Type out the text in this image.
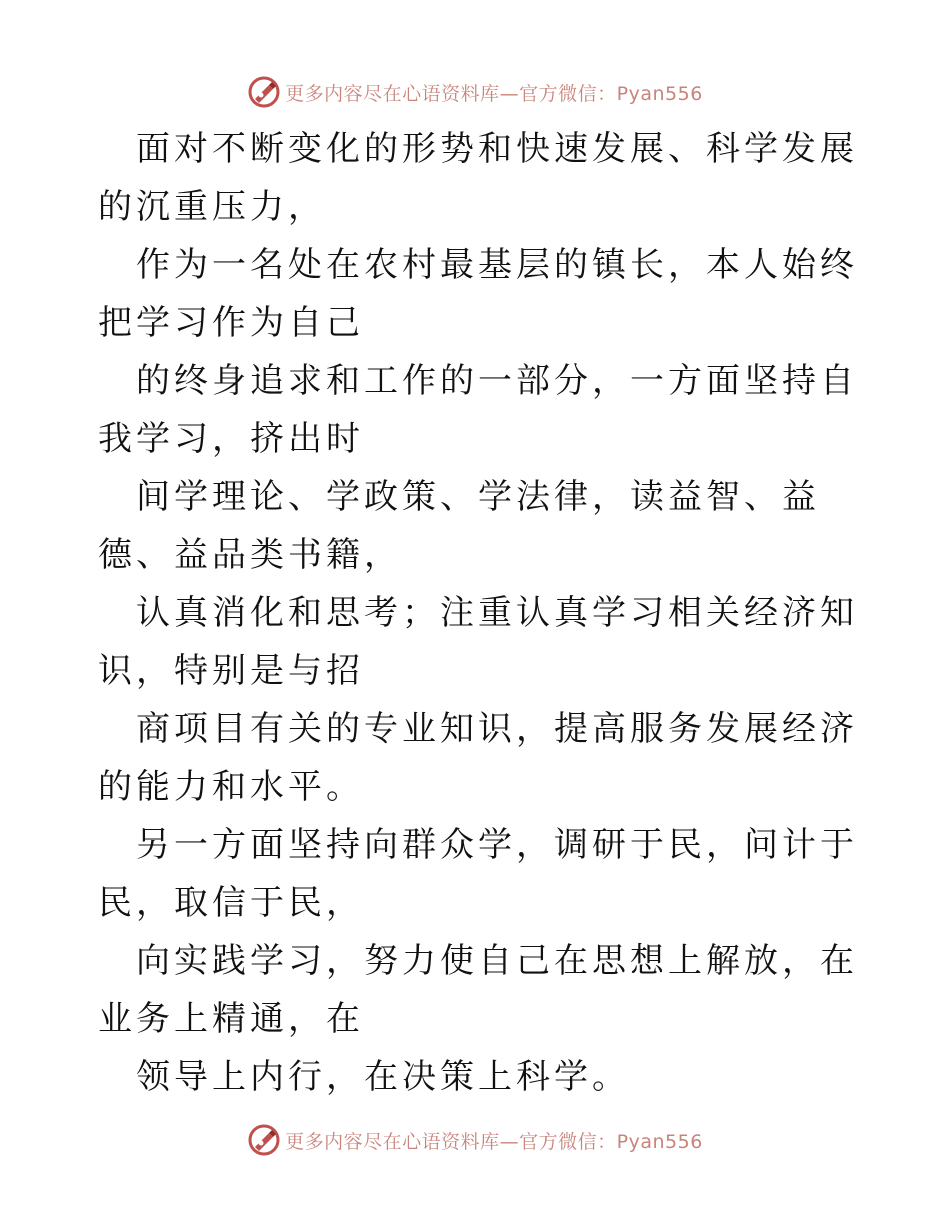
更多内容尽在心语资料库—官方微信：Pyan556

面对不断变化的形势和快速发展、科学发展的沉重压力，

作为一名处在农村最基层的镇长，本人始终把学习作为自己

的终身追求和工作的一部分，一方面坚持自我学习，挤出时

间学理论、学政策、学法律，读益智、益德、益品类书籍，

认真消化和思考；注重认真学习相关经济知识，特别是与招

商项目有关的专业知识，提高服务发展经济的能力和水平。

另一方面坚持向群众学，调研于民，问计于民，取信于民，

向实践学习，努力使自己在思想上解放，在业务上精通，在

领导上内行，在决策上科学。

更多内容尽在心语资料库—官方微信：Pyan556
